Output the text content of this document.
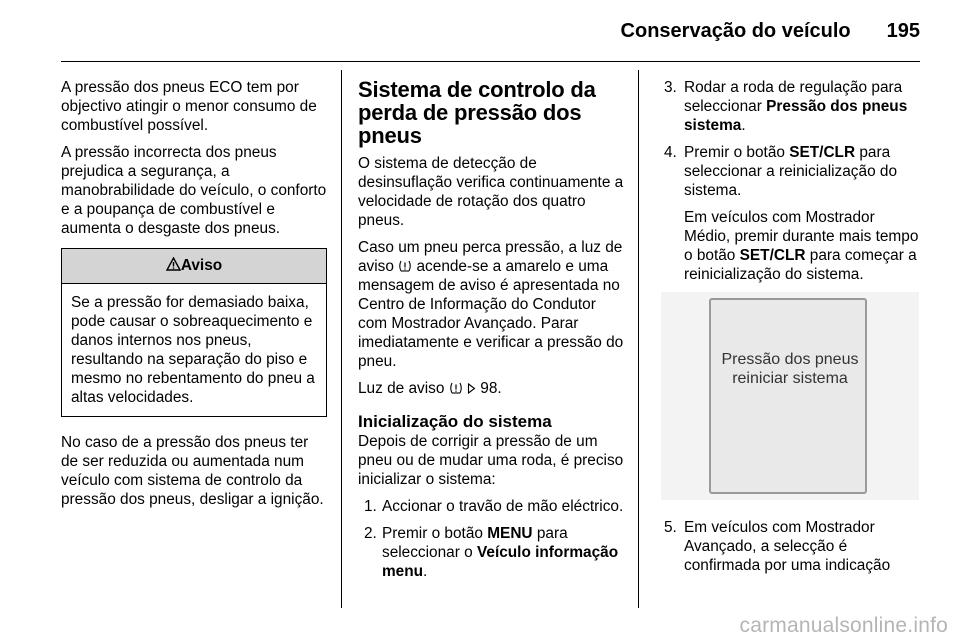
Conservação do veículo 195

A pressão dos pneus ECO tem por objectivo atingir o menor consumo de combustível possível.

A pressão incorrecta dos pneus prejudica a segurança, a manobrabilidade do veículo, o conforto e a poupança de combustível e aumenta o desgaste dos pneus.

Aviso
Se a pressão for demasiado baixa, pode causar o sobreaquecimento e danos internos nos pneus, resultando na separação do piso e mesmo no rebentamento do pneu a altas velocidades.

No caso de a pressão dos pneus ter de ser reduzida ou aumentada num veículo com sistema de controlo da pressão dos pneus, desligar a ignição.

Sistema de controlo da perda de pressão dos pneus

O sistema de detecção de desinsuflação verifica continuamente a velocidade de rotação dos quatro pneus.

Caso um pneu perca pressão, a luz de aviso acende-se a amarelo e uma mensagem de aviso é apresentada no Centro de Informação do Condutor com Mostrador Avançado. Parar imediatamente e verificar a pressão do pneu.

Luz de aviso 98.

Inicialização do sistema

Depois de corrigir a pressão de um pneu ou de mudar uma roda, é preciso inicializar o sistema:

1. Accionar o travão de mão eléctrico.
2. Premir o botão MENU para seleccionar o Veículo informação menu.
3. Rodar a roda de regulação para seleccionar Pressão dos pneus sistema.
4. Premir o botão SET/CLR para seleccionar a reinicialização do sistema.
Em veículos com Mostrador Médio, premir durante mais tempo o botão SET/CLR para começar a reinicialização do sistema.
Pressão dos pneus reiniciar sistema
5. Em veículos com Mostrador Avançado, a selecção é confirmada por uma indicação
carmanualsonline.info
